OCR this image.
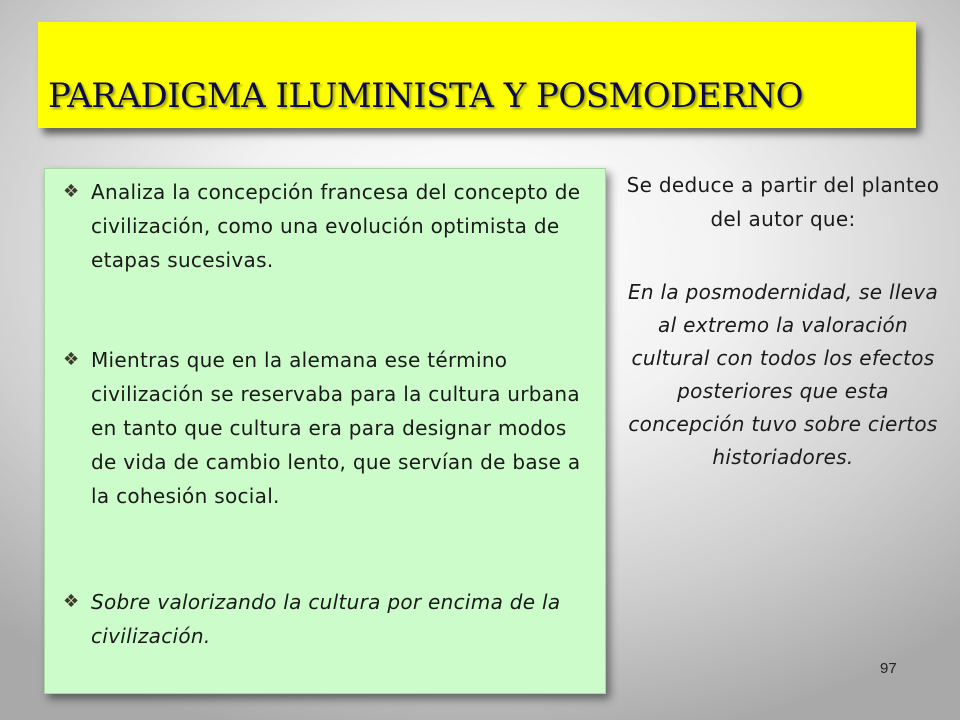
PARADIGMA ILUMINISTA Y POSMODERNO
❖ Analiza la concepción francesa del concepto de civilización, como una evolución optimista de etapas sucesivas.
❖ Mientras que en la alemana ese término civilización se reservaba para la cultura urbana en tanto que cultura era para designar modos de vida de cambio lento, que servían de base a la cohesión social.
❖ Sobre valorizando la cultura por encima de la civilización.

Se deduce a partir del planteo del autor que:

En la posmodernidad, se lleva al extremo la valoración cultural con todos los efectos posteriores que esta concepción tuvo sobre ciertos historiadores.

97
